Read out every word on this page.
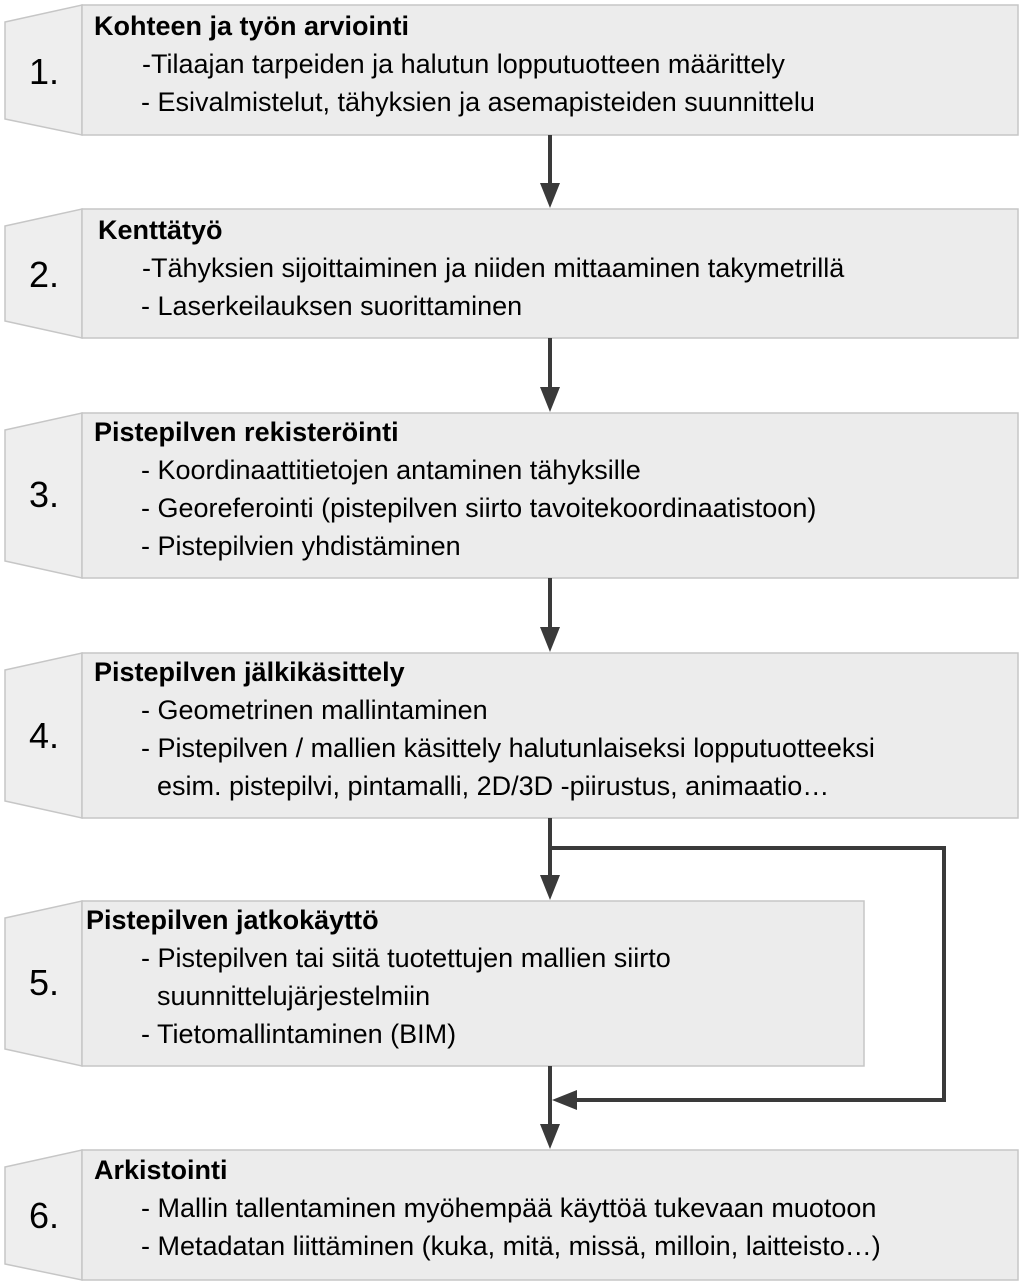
1.
2.
3.
4.
5.
6.
Kohteen ja työn arviointi
-Tilaajan tarpeiden ja halutun lopputuotteen määrittely
- Esivalmistelut, tähyksien ja asemapisteiden suunnittelu
Kenttätyö
-Tähyksien sijoittaiminen ja niiden mittaaminen takymetrillä
- Laserkeilauksen suorittaminen
Pistepilven rekisteröinti
- Koordinaattitietojen antaminen tähyksille
- Georeferointi (pistepilven siirto tavoitekoordinaatistoon)
- Pistepilvien yhdistäminen
Pistepilven jälkikäsittely
- Geometrinen mallintaminen
- Pistepilven / mallien käsittely halutunlaiseksi lopputuotteeksi
esim. pistepilvi, pintamalli, 2D/3D -piirustus, animaatio…
Pistepilven jatkokäyttö
- Pistepilven tai siitä tuotettujen mallien siirto
suunnittelujärjestelmiin
- Tietomallintaminen (BIM)
Arkistointi
- Mallin tallentaminen myöhempää käyttöä tukevaan muotoon
- Metadatan liittäminen (kuka, mitä, missä, milloin, laitteisto…)
